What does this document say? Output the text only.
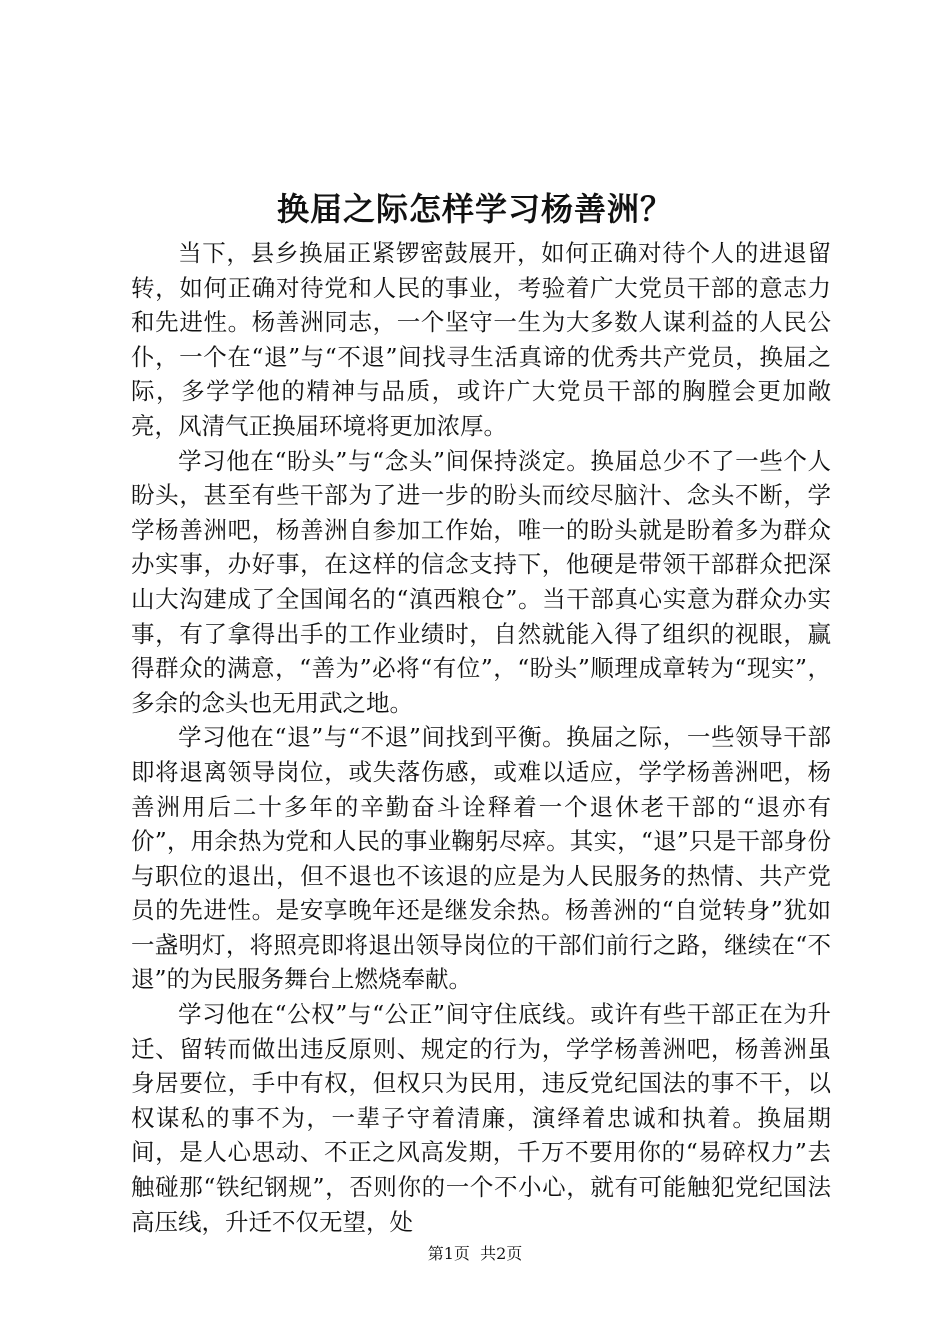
换届之际怎样学习杨善洲？

当下，县乡换届正紧锣密鼓展开，如何正确对待个人的进退留转，如何正确对待党和人民的事业，考验着广大党员干部的意志力和先进性。杨善洲同志，一个坚守一生为大多数人谋利益的人民公仆，一个在“退”与“不退”间找寻生活真谛的优秀共产党员，换届之际，多学学他的精神与品质，或许广大党员干部的胸膛会更加敞亮，风清气正换届环境将更加浓厚。

学习他在“盼头”与“念头”间保持淡定。换届总少不了一些个人盼头，甚至有些干部为了进一步的盼头而绞尽脑汁、念头不断，学学杨善洲吧，杨善洲自参加工作始，唯一的盼头就是盼着多为群众办实事，办好事，在这样的信念支持下，他硬是带领干部群众把深山大沟建成了全国闻名的“滇西粮仓”。当干部真心实意为群众办实事，有了拿得出手的工作业绩时，自然就能入得了组织的视眼，赢得群众的满意，“善为”必将“有位”，“盼头”顺理成章转为“现实”，多余的念头也无用武之地。

学习他在“退”与“不退”间找到平衡。换届之际，一些领导干部即将退离领导岗位，或失落伤感，或难以适应，学学杨善洲吧，杨善洲用后二十多年的辛勤奋斗诠释着一个退休老干部的“退亦有价”，用余热为党和人民的事业鞠躬尽瘁。其实，“退”只是干部身份与职位的退出，但不退也不该退的应是为人民服务的热情、共产党员的先进性。是安享晚年还是继发余热。杨善洲的“自觉转身”犹如一盏明灯，将照亮即将退出领导岗位的干部们前行之路，继续在“不退”的为民服务舞台上燃烧奉献。

学习他在“公权”与“公正”间守住底线。或许有些干部正在为升迁、留转而做出违反原则、规定的行为，学学杨善洲吧，杨善洲虽身居要位，手中有权，但权只为民用，违反党纪国法的事不干，以权谋私的事不为，一辈子守着清廉，演绎着忠诚和执着。换届期间，是人心思动、不正之风高发期，千万不要用你的“易碎权力”去触碰那“铁纪钢规”，否则你的一个不小心，就有可能触犯党纪国法高压线，升迁不仅无望，处

第1页 共2页
